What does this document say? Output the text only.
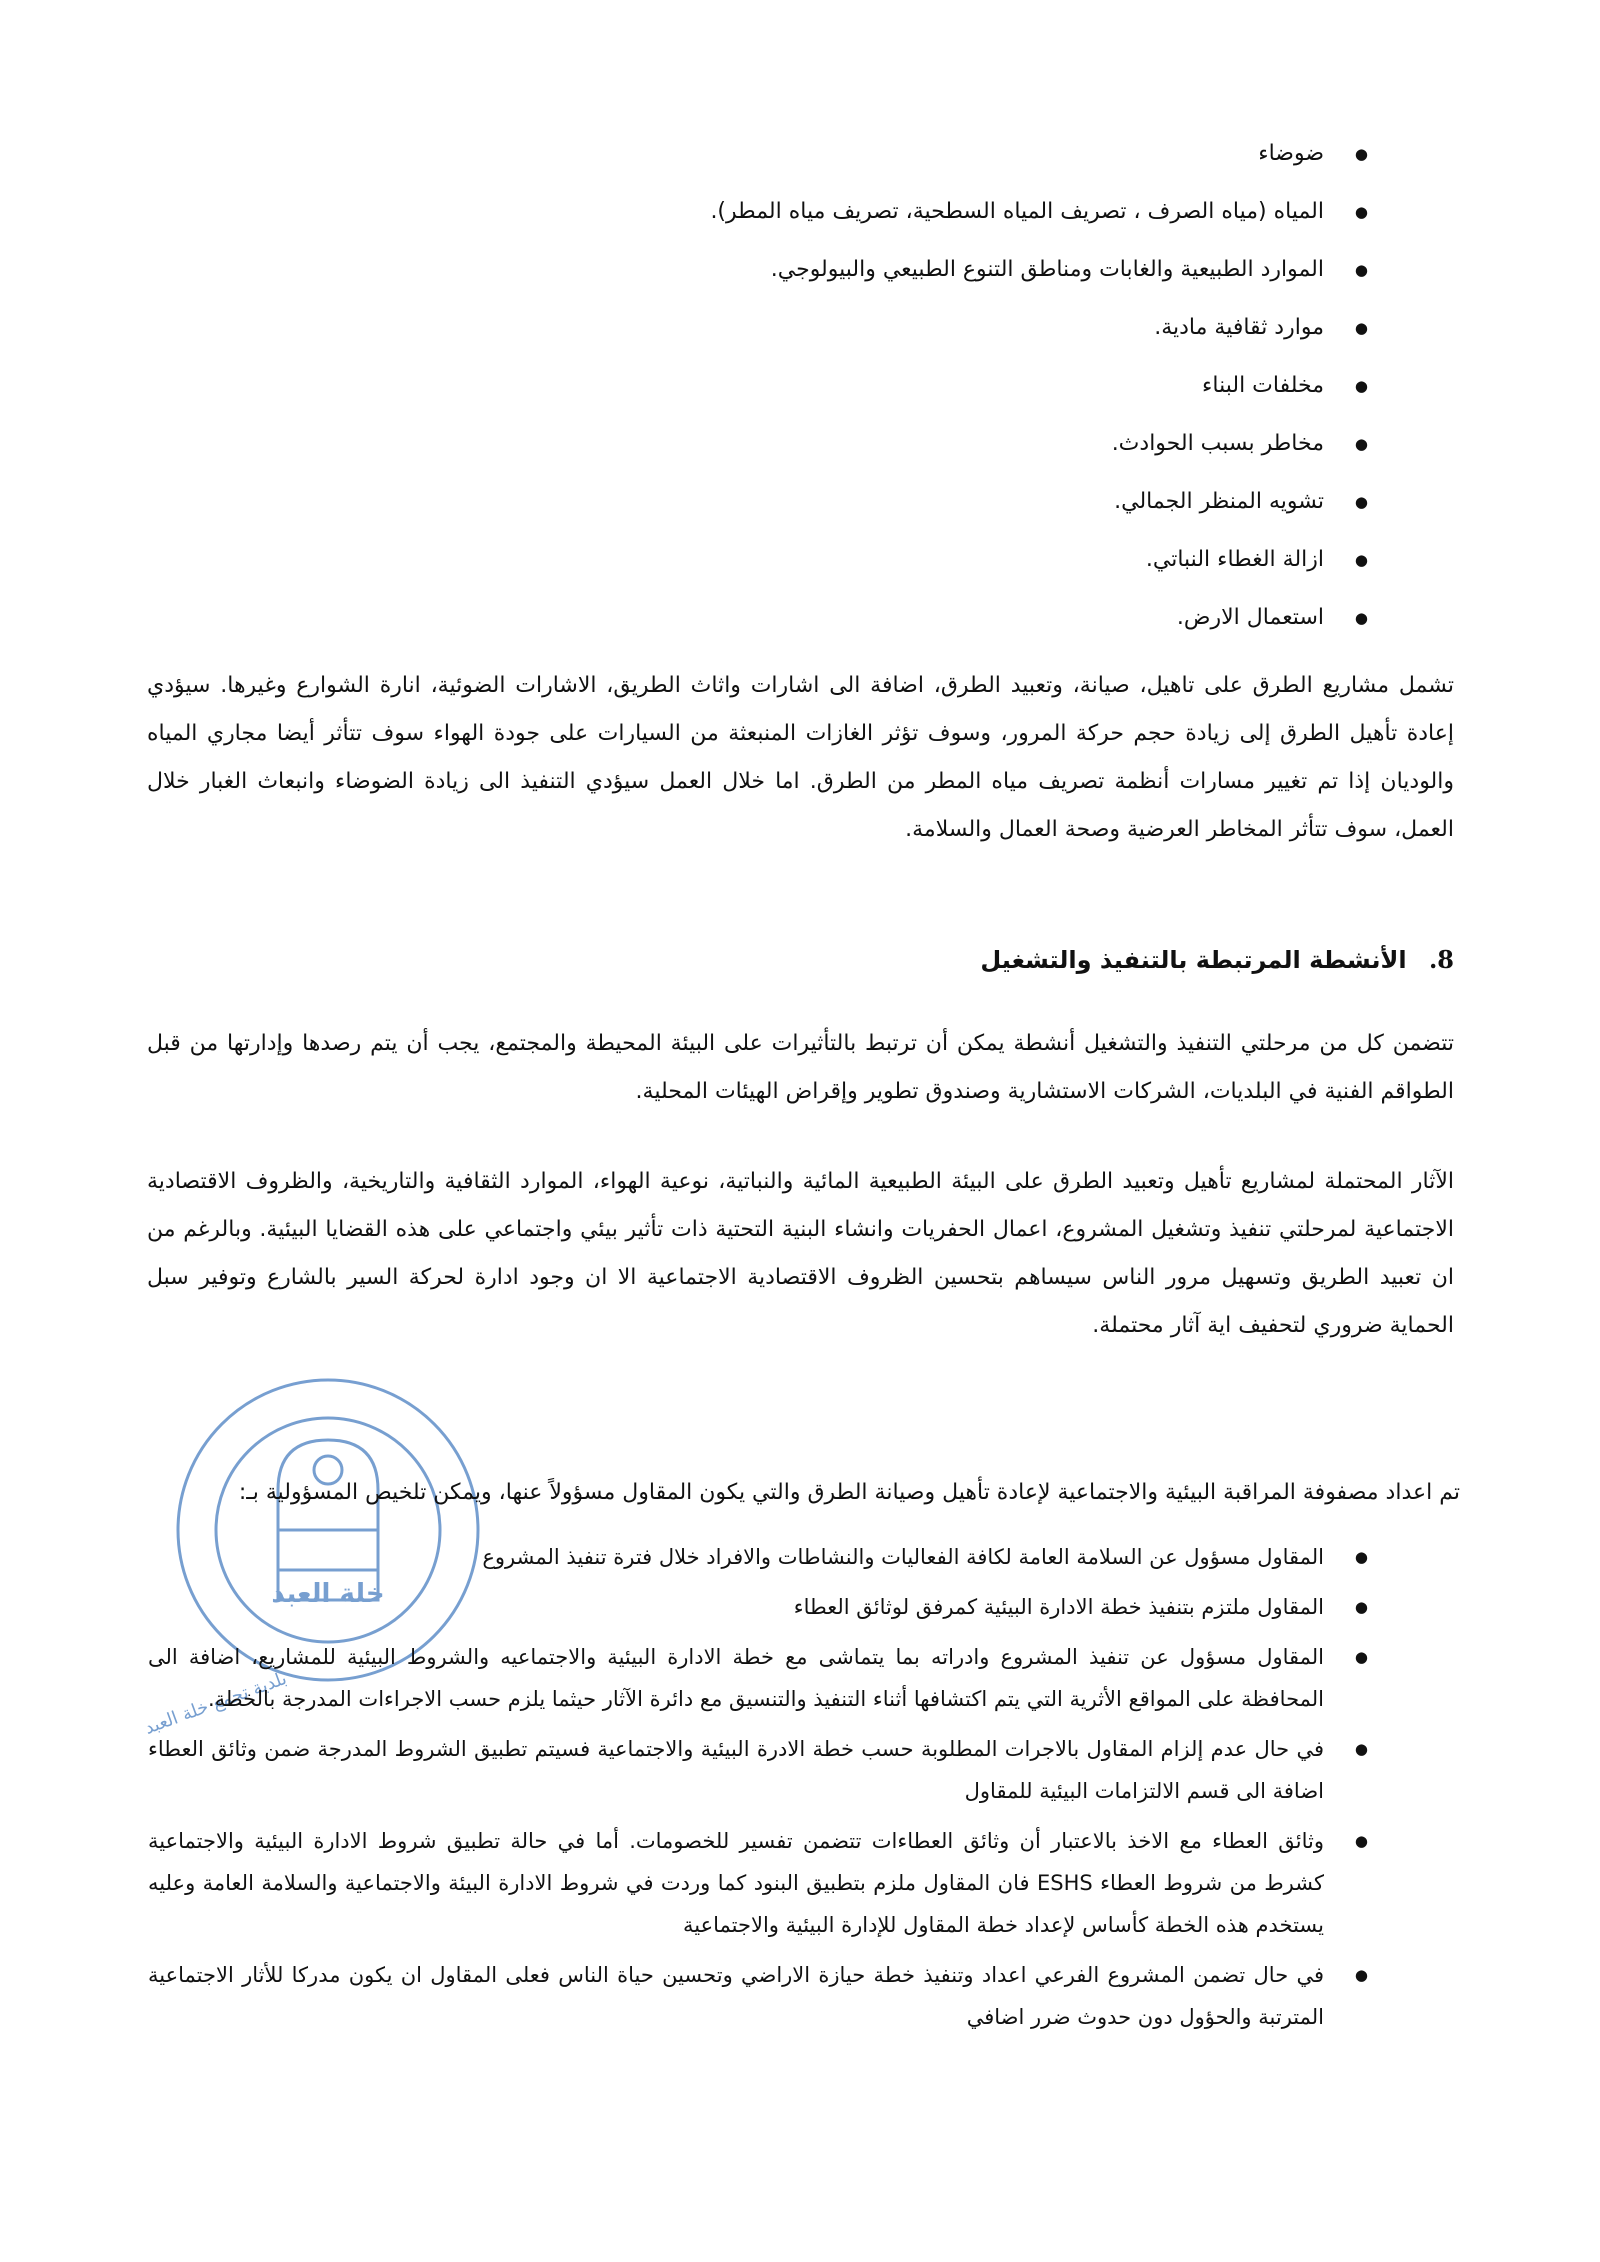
● ضوضاء
● المياه (مياه الصرف ، تصريف المياه السطحية، تصريف مياه المطر).
● الموارد الطبيعية والغابات ومناطق التنوع الطبيعي والبيولوجي.
● موارد ثقافية مادية.
● مخلفات البناء
● مخاطر بسبب الحوادث.
● تشويه المنظر الجمالي.
● ازالة الغطاء النباتي.
● استعمال الارض.

تشمل مشاريع الطرق على تاهيل، صيانة، وتعبيد الطرق، اضافة الى اشارات واثاث الطريق، الاشارات الضوئية، انارة الشوارع وغيرها. سيؤدي إعادة تأهيل الطرق إلى زيادة حجم حركة المرور، وسوف تؤثر الغازات المنبعثة من السيارات على جودة الهواء سوف تتأثر أيضا مجاري المياه والوديان إذا تم تغيير مسارات أنظمة تصريف مياه المطر من الطرق. اما خلال العمل سيؤدي التنفيذ الى زيادة الضوضاء وانبعاث الغبار خلال العمل، سوف تتأثر المخاطر العرضية وصحة العمال والسلامة.

8. الأنشطة المرتبطة بالتنفيذ والتشغيل

تتضمن كل من مرحلتي التنفيذ والتشغيل أنشطة يمكن أن ترتبط بالتأثيرات على البيئة المحيطة والمجتمع، يجب أن يتم رصدها وإدارتها من قبل الطواقم الفنية في البلديات، الشركات الاستشارية وصندوق تطوير وإقراض الهيئات المحلية.

الآثار المحتملة لمشاريع تأهيل وتعبيد الطرق على البيئة الطبيعية المائية والنباتية، نوعية الهواء، الموارد الثقافية والتاريخية، والظروف الاقتصادية الاجتماعية لمرحلتي تنفيذ وتشغيل المشروع، اعمال الحفريات وانشاء البنية التحتية ذات تأثير بيئي واجتماعي على هذه القضايا البيئية. وبالرغم من ان تعبيد الطريق وتسهيل مرور الناس سيساهم بتحسين الظروف الاقتصادية الاجتماعية الا ان وجود ادارة لحركة السير بالشارع وتوفير سبل الحماية ضروري لتحفيف اية آثار محتملة.

خلة العبد
بلدية تجمع خلة العبد

تم اعداد مصفوفة المراقبة البيئية والاجتماعية لإعادة تأهيل وصيانة الطرق والتي يكون المقاول مسؤولاً عنها، ويمكن تلخيص المسؤولية بـ:

● المقاول مسؤول عن السلامة العامة لكافة الفعاليات والنشاطات والافراد خلال فترة تنفيذ المشروع
● المقاول ملتزم بتنفيذ خطة الادارة البيئية كمرفق لوثائق العطاء
● المقاول مسؤول عن تنفيذ المشروع وادراته بما يتماشى مع خطة الادارة البيئية والاجتماعيه والشروط البيئية للمشاريع، اضافة الى المحافظة على المواقع الأثرية التي يتم اكتشافها أثناء التنفيذ والتنسيق مع دائرة الآثار حيثما يلزم حسب الاجراءات المدرجة بالخطة.
● في حال عدم إلزام المقاول بالاجرات المطلوبة حسب خطة الادرة البيئية والاجتماعية فسيتم تطبيق الشروط المدرجة ضمن وثائق العطاء اضافة الى قسم الالتزامات البيئية للمقاول
● وثائق العطاء مع الاخذ بالاعتبار أن وثائق العطاءات تتضمن تفسير للخصومات. أما في حالة تطبيق شروط الادارة البيئية والاجتماعية كشرط من شروط العطاء ESHS فان المقاول ملزم بتطبيق البنود كما وردت في شروط الادارة البيئة والاجتماعية والسلامة العامة وعليه يستخدم هذه الخطة كأساس لإعداد خطة المقاول للإدارة البيئية والاجتماعية
● في حال تضمن المشروع الفرعي اعداد وتنفيذ خطة حيازة الاراضي وتحسين حياة الناس فعلى المقاول ان يكون مدركا للأثار الاجتماعية المترتبة والحؤول دون حدوث ضرر اضافي
